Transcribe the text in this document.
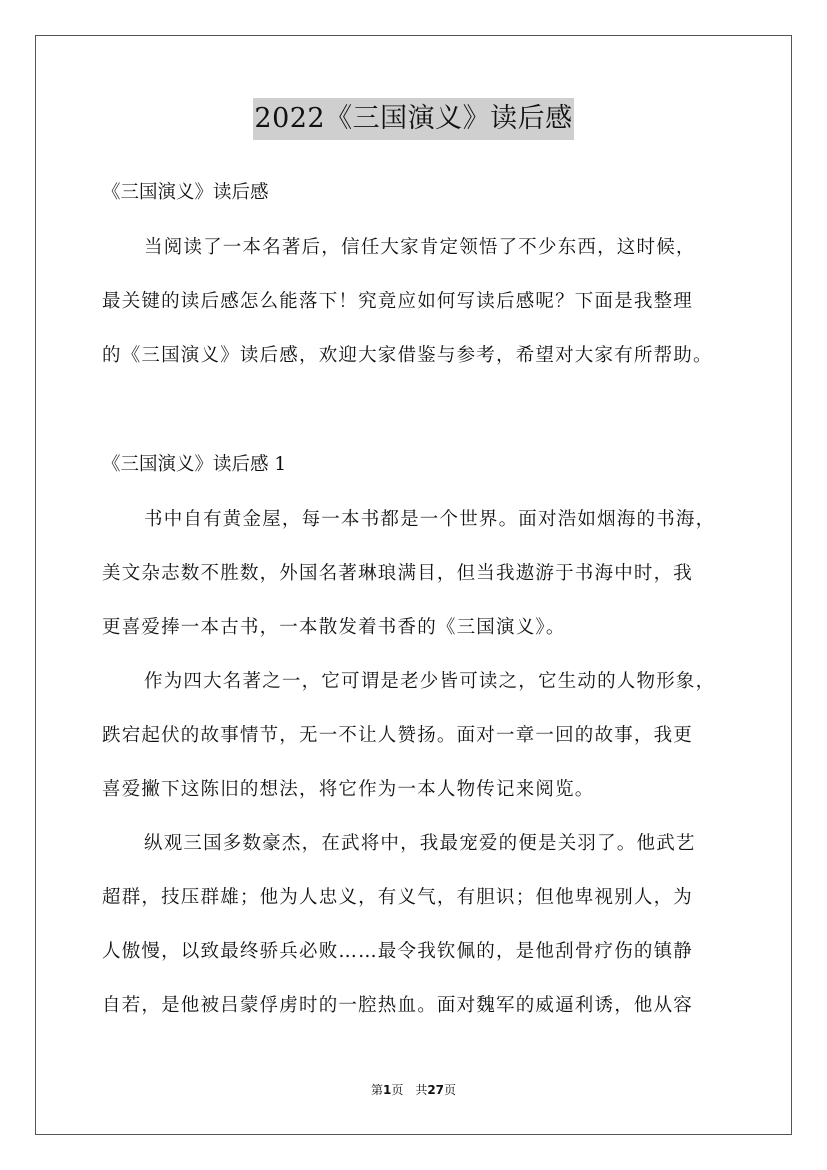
2022《三国演义》读后感
《三国演义》读后感
当阅读了一本名著后，信任大家肯定领悟了不少东西，这时候，
最关键的读后感怎么能落下！究竟应如何写读后感呢？下面是我整理
的《三国演义》读后感，欢迎大家借鉴与参考，希望对大家有所帮助。
《三国演义》读后感 1
书中自有黄金屋，每一本书都是一个世界。面对浩如烟海的书海，
美文杂志数不胜数，外国名著琳琅满目，但当我遨游于书海中时，我
更喜爱捧一本古书，一本散发着书香的《三国演义》。
作为四大名著之一，它可谓是老少皆可读之，它生动的人物形象，
跌宕起伏的故事情节，无一不让人赞扬。面对一章一回的故事，我更
喜爱撇下这陈旧的想法，将它作为一本人物传记来阅览。
纵观三国多数豪杰，在武将中，我最宠爱的便是关羽了。他武艺
超群，技压群雄；他为人忠义，有义气，有胆识；但他卑视别人，为
人傲慢，以致最终骄兵必败……最令我钦佩的，是他刮骨疗伤的镇静
自若，是他被吕蒙俘虏时的一腔热血。面对魏军的威逼利诱，他从容
第1页　共27页
